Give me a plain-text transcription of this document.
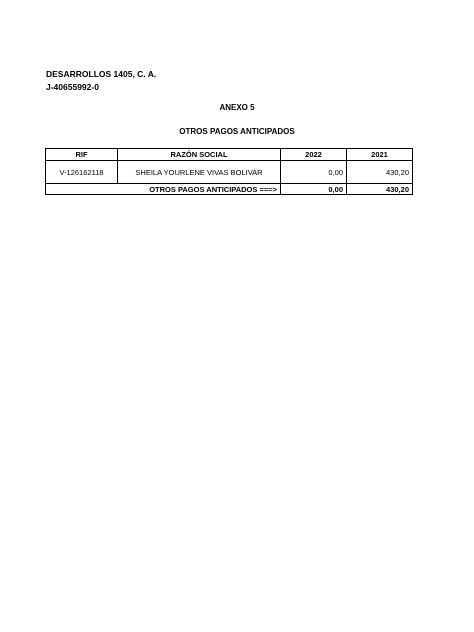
DESARROLLOS 1405, C. A.
J-40655992-0
ANEXO 5
OTROS PAGOS ANTICIPADOS
RIF	RAZÓN SOCIAL	2022	2021
V-126162118	SHEILA YOURLENE VIVAS BOLIVAR	0,00	430,20
OTROS PAGOS ANTICIPADOS ===>		0,00	430,20
